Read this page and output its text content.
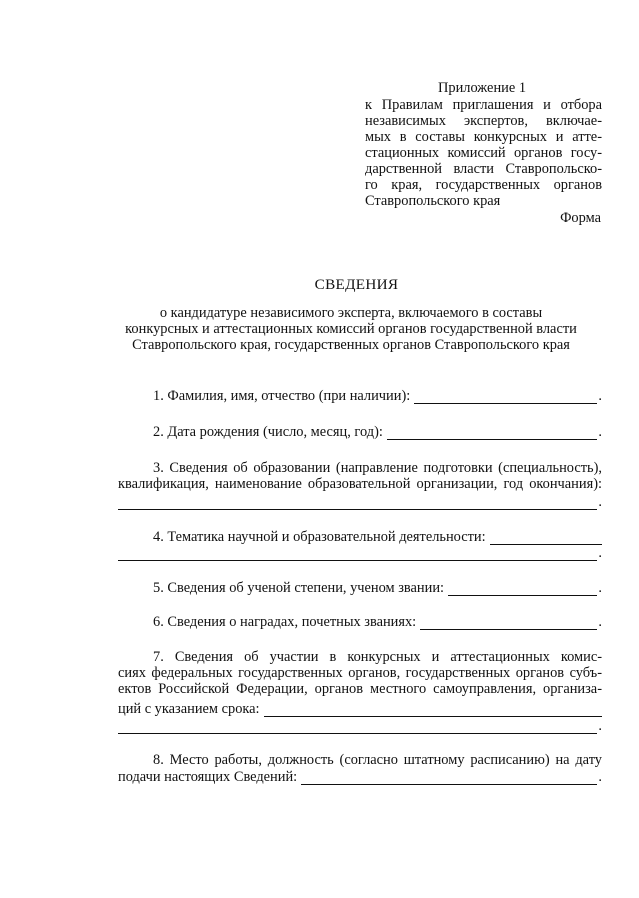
Приложение 1
к Правилам приглашения и отбора
независимых экспертов, включае-
мых в составы конкурсных и атте-
стационных комиссий органов госу-
дарственной власти Ставропольско-
го края, государственных органов
Ставропольского края
Форма
СВЕДЕНИЯ
о кандидатуре независимого эксперта, включаемого в составы
конкурсных и аттестационных комиссий органов государственной власти
Ставропольского края, государственных органов Ставропольского края
1. Фамилия, имя, отчество (при наличии):	.
2. Дата рождения (число, месяц, год):	.
3. Сведения об образовании (направление подготовки (специальность),
квалификация, наименование образовательной организации, год окончания):
.
4. Тематика научной и образовательной деятельности:
.
5. Сведения об ученой степени, ученом звании:	.
6. Сведения о наградах, почетных званиях:	.
7. Сведения об участии в конкурсных и аттестационных комис-
сиях федеральных государственных органов, государственных органов субъ-
ектов Российской Федерации, органов местного самоуправления, организа-
ций с указанием срока:
.
8. Место работы, должность (согласно штатному расписанию) на дату
подачи настоящих Сведений:	.
